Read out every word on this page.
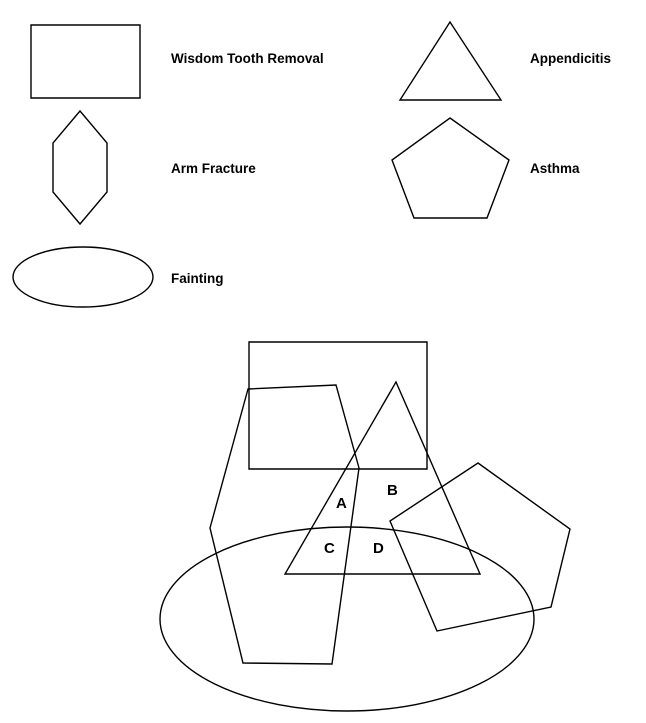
Wisdom Tooth Removal
Arm Fracture
Fainting
Appendicitis
Asthma
A
B
C	D
